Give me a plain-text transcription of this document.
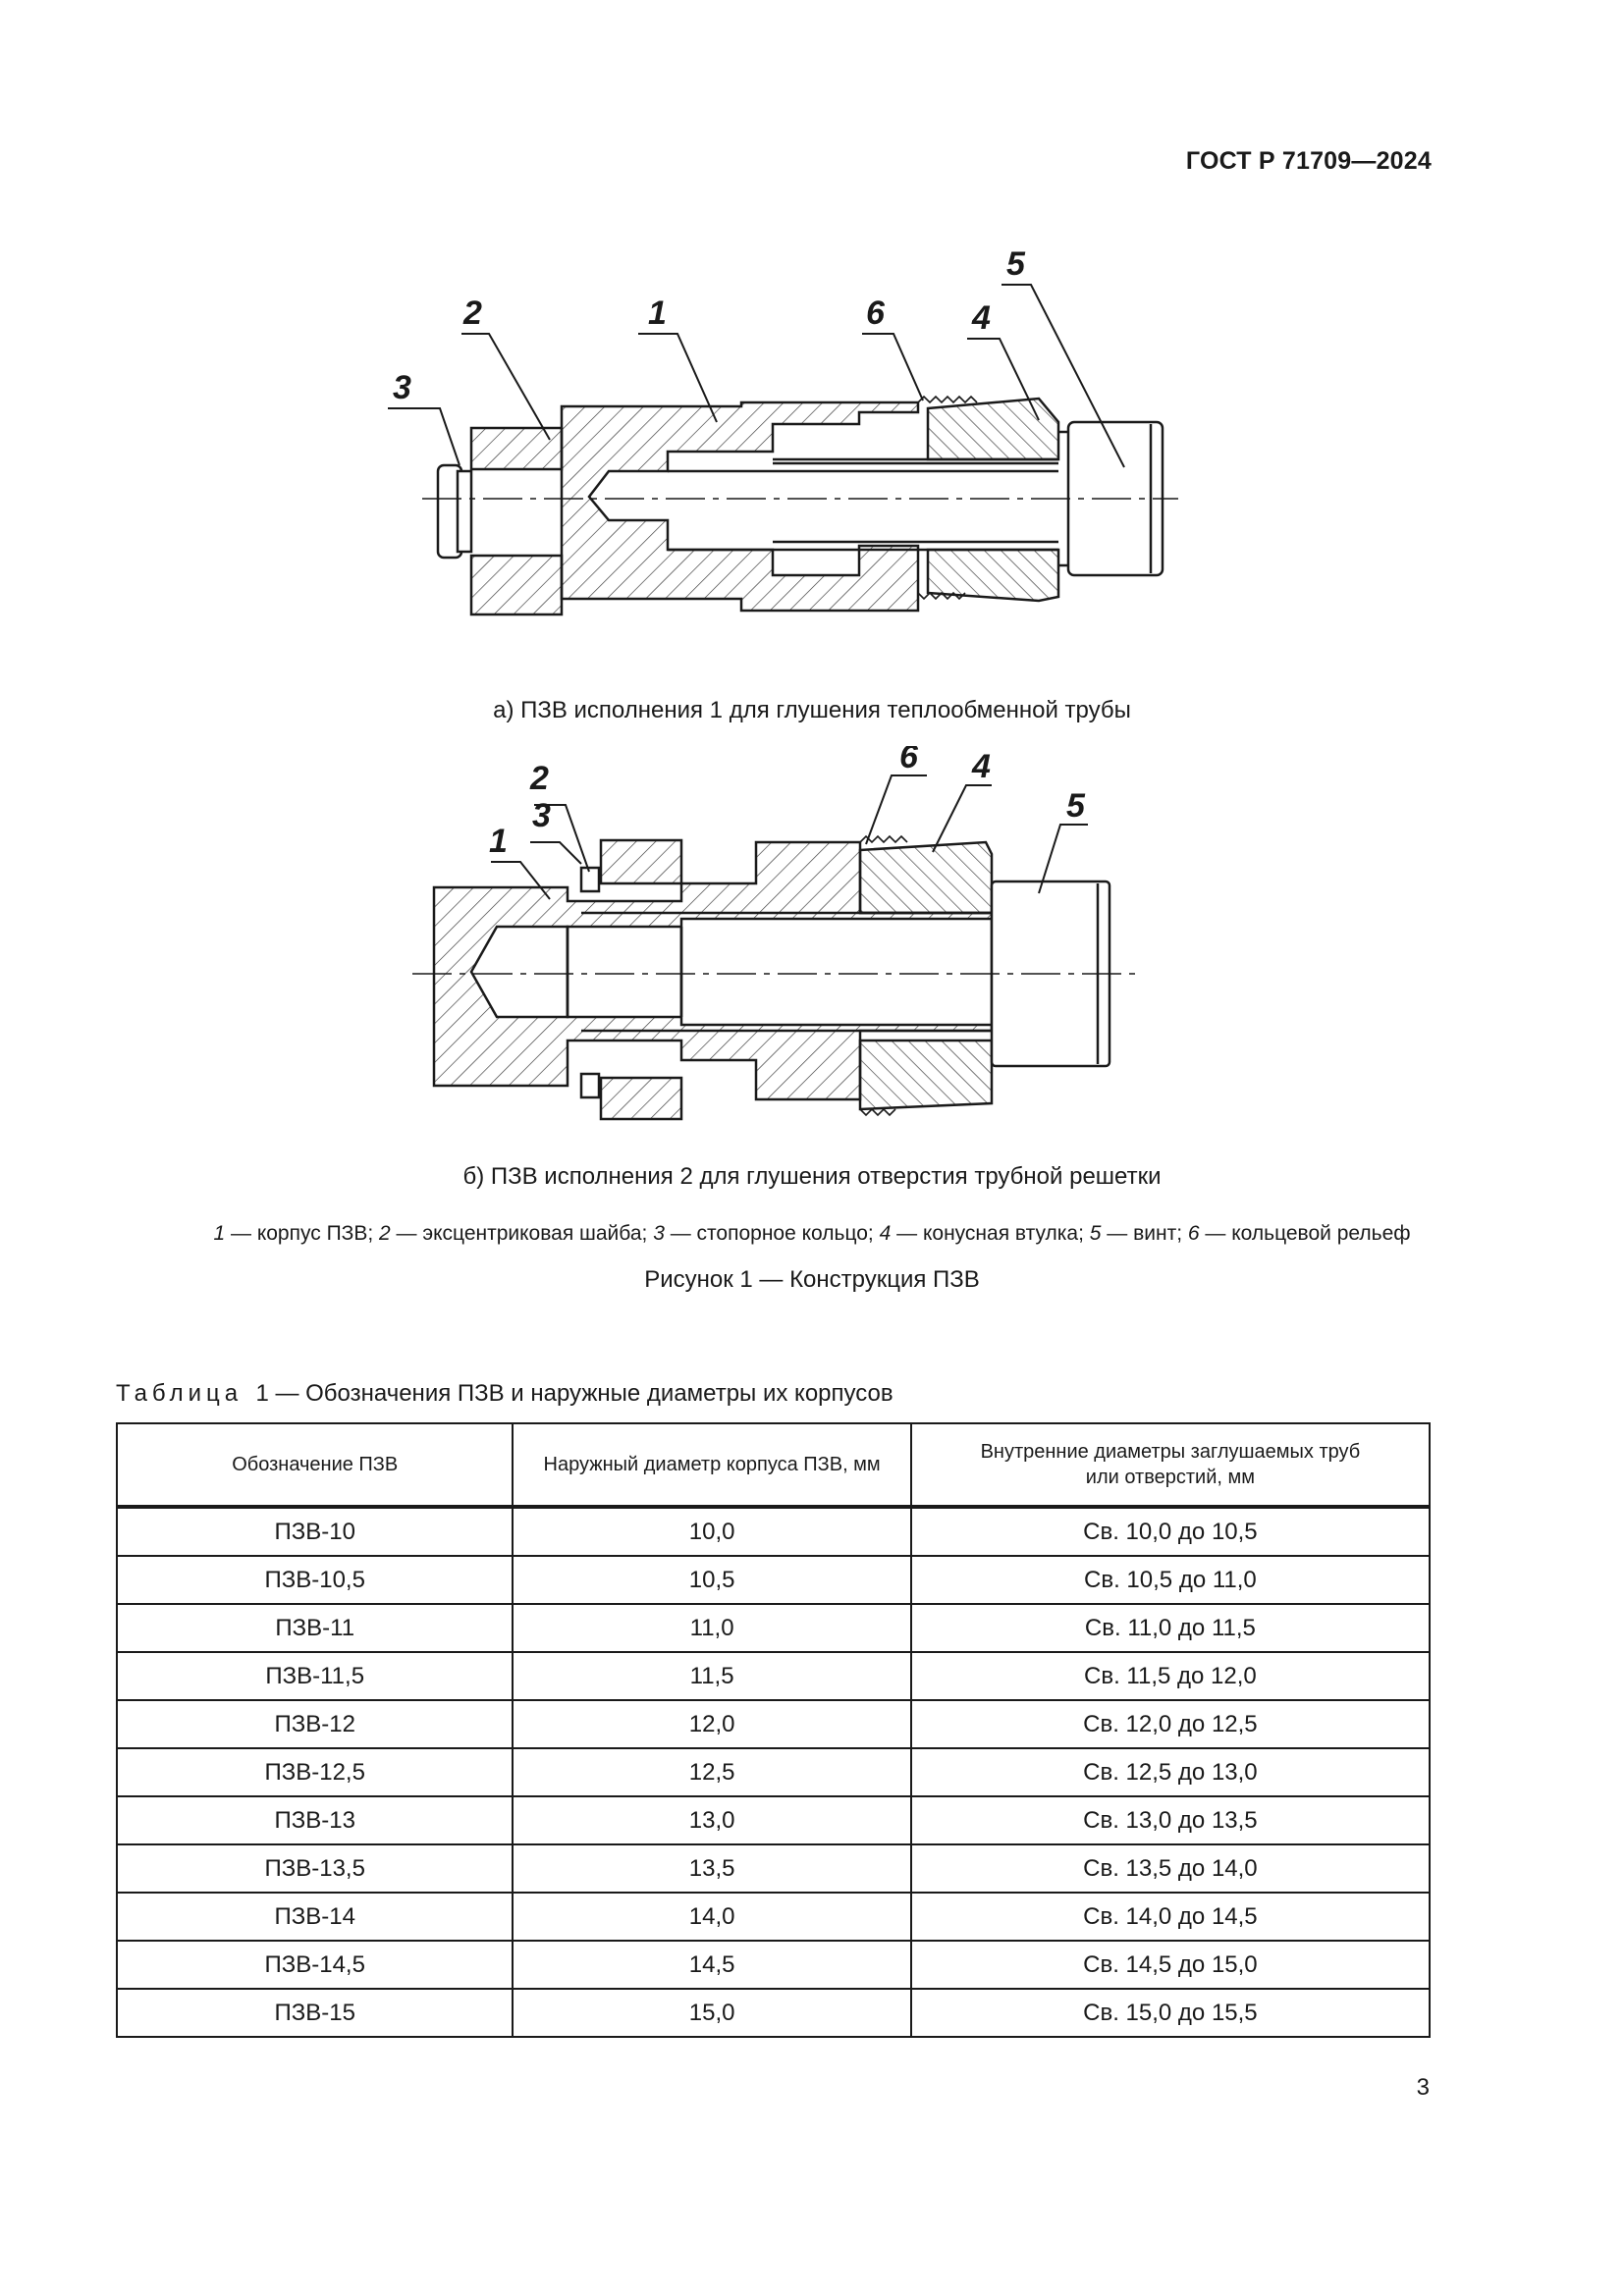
ГОСТ Р 71709—2024
3
2	1	6	4
5
а) ПЗВ исполнения 1 для глушения теплообменной трубы
1
2
3
6 4
5
б) ПЗВ исполнения 2 для глушения отверстия трубной решетки
1 — корпус ПЗВ; 2 — эксцентриковая шайба; 3 — стопорное кольцо; 4 — конусная втулка; 5 — винт; 6 — кольцевой рельеф
Рисунок 1 — Конструкция ПЗВ
Таблица 1 — Обозначения ПЗВ и наружные диаметры их корпусов
Обозначение ПЗВ	Наружный диаметр корпуса ПЗВ, мм	Внутренние диаметры заглушаемых труб
или отверстий, мм
ПЗВ-10	10,0	Св. 10,0 до 10,5
ПЗВ-10,5	10,5	Св. 10,5 до 11,0
ПЗВ-11	11,0	Св. 11,0 до 11,5
ПЗВ-11,5	11,5	Св. 11,5 до 12,0
ПЗВ-12	12,0	Св. 12,0 до 12,5
ПЗВ-12,5	12,5	Св. 12,5 до 13,0
ПЗВ-13	13,0	Св. 13,0 до 13,5
ПЗВ-13,5	13,5	Св. 13,5 до 14,0
ПЗВ-14	14,0	Св. 14,0 до 14,5
ПЗВ-14,5	14,5	Св. 14,5 до 15,0
ПЗВ-15	15,0	Св. 15,0 до 15,5
3
